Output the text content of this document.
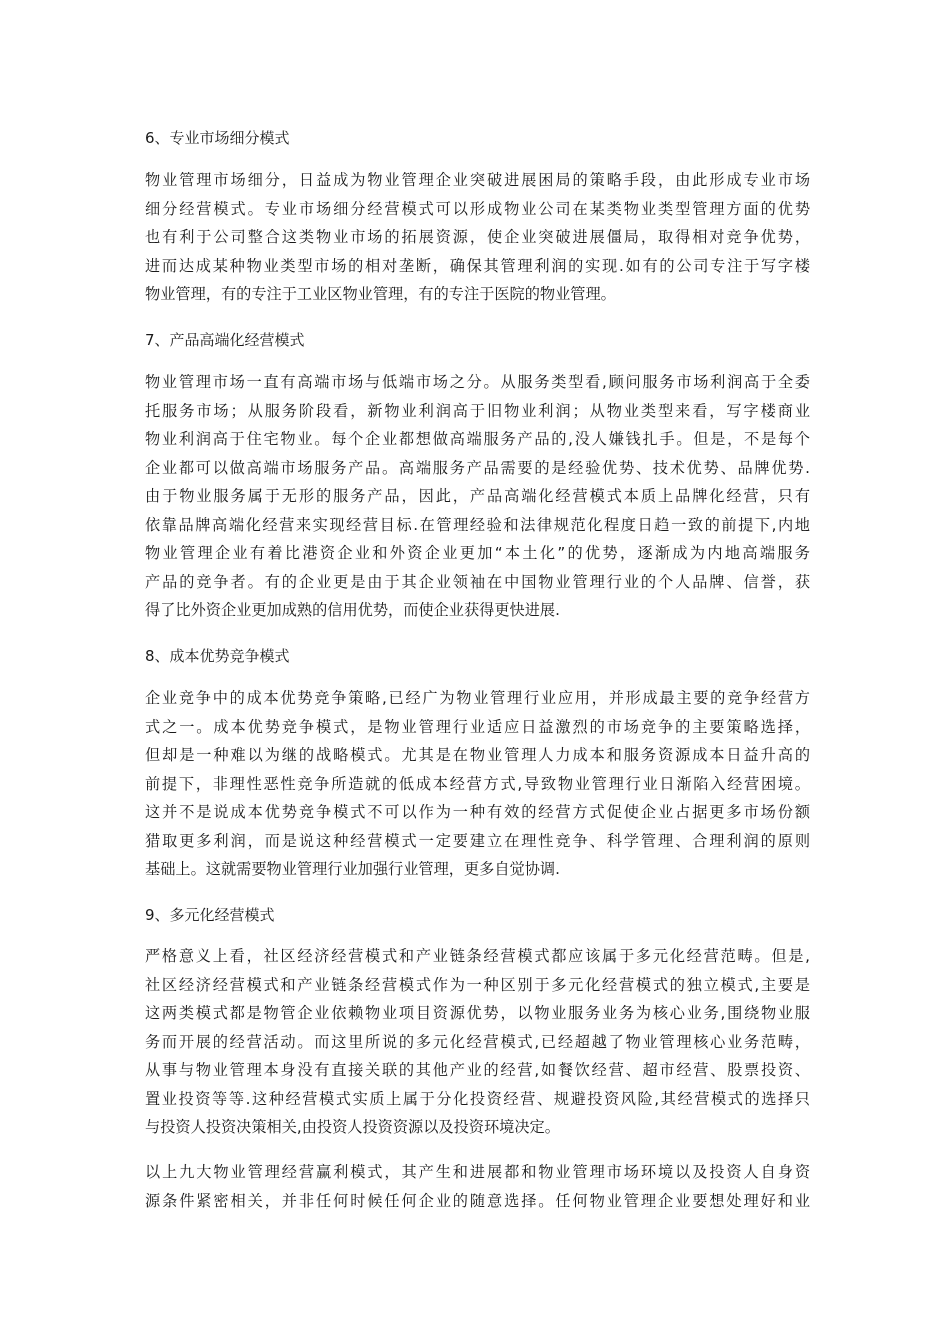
6、专业市场细分模式
物业管理市场细分，日益成为物业管理企业突破进展困局的策略手段，由此形成专业市场
细分经营模式。专业市场细分经营模式可以形成物业公司在某类物业类型管理方面的优势
也有利于公司整合这类物业市场的拓展资源，使企业突破进展僵局，取得相对竞争优势，
进而达成某种物业类型市场的相对垄断，确保其管理利润的实现.如有的公司专注于写字楼
物业管理，有的专注于工业区物业管理，有的专注于医院的物业管理。
7、产品高端化经营模式
物业管理市场一直有高端市场与低端市场之分。从服务类型看,顾问服务市场利润高于全委
托服务市场；从服务阶段看，新物业利润高于旧物业利润；从物业类型来看，写字楼商业
物业利润高于住宅物业。每个企业都想做高端服务产品的,没人嫌钱扎手。但是，不是每个
企业都可以做高端市场服务产品。高端服务产品需要的是经验优势、技术优势、品牌优势.
由于物业服务属于无形的服务产品，因此，产品高端化经营模式本质上品牌化经营，只有
依靠品牌高端化经营来实现经营目标.在管理经验和法律规范化程度日趋一致的前提下,内地
物业管理企业有着比港资企业和外资企业更加“本土化”的优势，逐渐成为内地高端服务
产品的竞争者。有的企业更是由于其企业领袖在中国物业管理行业的个人品牌、信誉，获
得了比外资企业更加成熟的信用优势，而使企业获得更快进展.
8、成本优势竞争模式
企业竞争中的成本优势竞争策略,已经广为物业管理行业应用，并形成最主要的竞争经营方
式之一。成本优势竞争模式，是物业管理行业适应日益激烈的市场竞争的主要策略选择，
但却是一种难以为继的战略模式。尤其是在物业管理人力成本和服务资源成本日益升高的
前提下，非理性恶性竞争所造就的低成本经营方式,导致物业管理行业日渐陷入经营困境。
这并不是说成本优势竞争模式不可以作为一种有效的经营方式促使企业占据更多市场份额
猎取更多利润，而是说这种经营模式一定要建立在理性竞争、科学管理、合理利润的原则
基础上。这就需要物业管理行业加强行业管理，更多自觉协调.
9、多元化经营模式
严格意义上看，社区经济经营模式和产业链条经营模式都应该属于多元化经营范畴。但是,
社区经济经营模式和产业链条经营模式作为一种区别于多元化经营模式的独立模式,主要是
这两类模式都是物管企业依赖物业项目资源优势，以物业服务业务为核心业务,围绕物业服
务而开展的经营活动。而这里所说的多元化经营模式,已经超越了物业管理核心业务范畴，
从事与物业管理本身没有直接关联的其他产业的经营,如餐饮经营、超市经营、股票投资、
置业投资等等.这种经营模式实质上属于分化投资经营、规避投资风险,其经营模式的选择只
与投资人投资决策相关,由投资人投资资源以及投资环境决定。
以上九大物业管理经营赢利模式，其产生和进展都和物业管理市场环境以及投资人自身资
源条件紧密相关，并非任何时候任何企业的随意选择。任何物业管理企业要想处理好和业
